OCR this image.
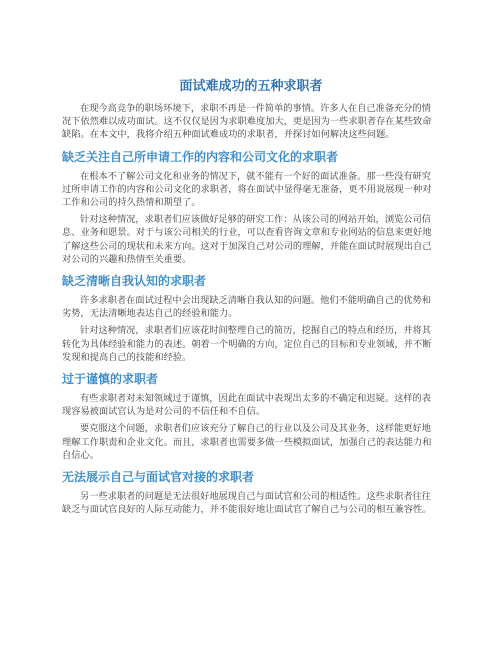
面试难成功的五种求职者

在现今高竞争的职场环境下，求职不再是一件简单的事情。许多人在自己准备充分的情况下依然难以成功面试。这不仅仅是因为求职难度加大，更是因为一些求职者存在某些致命缺陷。在本文中，我将介绍五种面试难成功的求职者，并探讨如何解决这些问题。

缺乏关注自己所申请工作的内容和公司文化的求职者

在根本不了解公司文化和业务的情况下，就不能有一个好的面试准备。那一些没有研究过所申请工作的内容和公司文化的求职者，将在面试中显得毫无准备，更不用说展现一种对工作和公司的持久热情和期望了。

针对这种情况，求职者们应该做好足够的研究工作：从该公司的网站开始，浏览公司信息、业务和愿景。对于与该公司相关的行业，可以查看咨询文章和专业网站的信息来更好地了解这些公司的现状和未来方向。这对于加深自己对公司的理解，并能在面试时展现出自己对公司的兴趣和热情至关重要。

缺乏清晰自我认知的求职者

许多求职者在面试过程中会出现缺乏清晰自我认知的问题。他们不能明确自己的优势和劣势，无法清晰地表达自己的经验和能力。

针对这种情况，求职者们应该花时间整理自己的简历，挖掘自己的特点和经历，并将其转化为具体经验和能力的表述。朝着一个明确的方向，定位自己的目标和专业领域，并不断发现和提高自己的技能和经验。

过于谨慎的求职者

有些求职者对未知领域过于谨慎，因此在面试中表现出太多的不确定和迟疑。这样的表现容易被面试官认为是对公司的不信任和不自信。

要克服这个问题，求职者们应该充分了解自己的行业以及公司及其业务，这样能更好地理解工作职责和企业文化。而且，求职者也需要多做一些模拟面试，加强自己的表达能力和自信心。

无法展示自己与面试官对接的求职者

另一些求职者的问题是无法很好地展现自己与面试官和公司的相适性。这些求职者往往缺乏与面试官良好的人际互动能力，并不能很好地让面试官了解自己与公司的相互兼容性。
